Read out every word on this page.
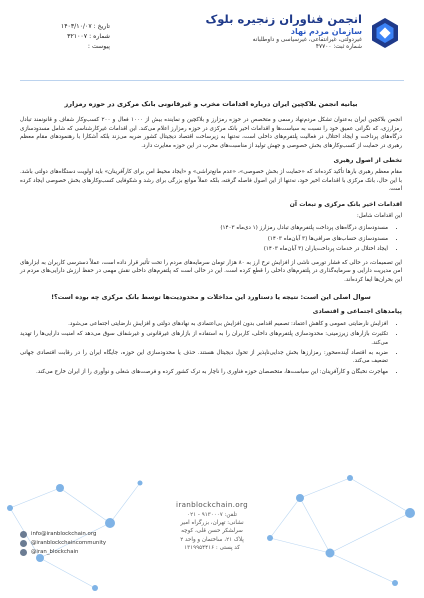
تاریخ : ۱۴۰۳/۱۰/۰۷
شماره : ۳۲۱۰۰۷
پیوست :
انجمن فناوران زنجیره بلوک
سازمان مردم نهاد
غیردولتی، غیرانتفاعی، غیرسیاسی و داوطلبانه
شماره ثبت: ۴۷۷۰۰
بیانیه انجمن بلاکچین ایران درباره اقدامات مخرب و غیرقانونی بانک مرکزی در حوزه رمزارز

انجمن بلاکچین ایران به‌عنوان تشکل مردم‌نهاد رسمی و متخصص در حوزه رمزارز و بلاکچین و نماینده بیش از ۱۰۰۰ فعال و ۲۰۰ کسب‌وکار شفاف و قانونمند تبادل رمزارزی، که نگرانی عمیق خود را نسبت به سیاست‌ها و اقدامات اخیر بانک مرکزی در حوزه رمزارز اعلام می‌کند. این اقدامات غیرکارشناسی که شامل مسدودسازی درگاه‌های پرداخت و ایجاد اختلال در فعالیت پلتفرم‌های داخلی است، نه‌تنها به زیرساخت اقتصاد دیجیتال کشور ضربه می‌زند بلکه آشکارا با رهنمودهای مقام معظم رهبری در حمایت از کسب‌وکارهای بخش خصوصی و جهش تولید از مناسبت‌های مخرب در این حوزه مغایرت دارد.

تخطی از اصول رهبری

مقام معظم رهبری بارها تأکید کرده‌اند که «حمایت از بخش خصوصی»، «عدم مانع‌تراشی» و «ایجاد محیط امن برای کارآفرینان» باید اولویت دستگاه‌های دولتی باشد. با این حال، بانک مرکزی با اقدامات اخیر خود، نه‌تنها از این اصول فاصله گرفته، بلکه عملاً موانع بزرگی برای رشد و شکوفایی کسب‌وکارهای بخش خصوصی ایجاد کرده است.

اقدامات اخیر بانک مرکزی و تبعات آن

این اقدامات شامل:

• مسدودسازی درگاه‌های پرداخت پلتفرم‌های تبادل رمزارز (۱ دی‌ماه ۱۴۰۳)
• مسدودسازی حساب‌های صرافی‌ها (۳ آبان‌ماه ۱۴۰۳)
• ایجاد اختلال در خدمات پرداخت‌یاران (۳ آبان‌ماه ۱۴۰۳)

این تصمیمات، در حالی که فشار تورمی ناشی از افزایش نرخ ارز به ۸۰ هزار تومان سرمایه‌های مردم را تحت تأثیر قرار داده است، عملاً دسترسی کاربران به ابزارهای امن مدیریت دارایی و سرمایه‌گذاری در پلتفرم‌های داخلی را قطع کرده است. این در حالی است که پلتفرم‌های داخلی نقش مهمی در حفظ ارزش دارایی‌های مردم در این بحران‌ها ایفا کرده‌اند.

سوال اصلی این است: نتیجه یا دستاورد این مداخلات و محدودیت‌ها توسط بانک مرکزی چه بوده است؟!
پیامدهای اجتماعی و اقتصادی
• افزایش نارضایتی عمومی و کاهش اعتماد: تصمیم اقدامی بدون افزایش بی‌اعتمادی به نهادهای دولتی و افزایش نارضایتی اجتماعی می‌شود.
• تکثیرت بازارهای زیرزمینی: محدودسازی پلتفرم‌های داخلی، کاربران را به استفاده از بازارهای غیرقانونی و غیرشفاف سوق می‌دهد که امنیت دارایی‌ها را تهدید می‌کند.
• ضربه به اقتصاد آینده‌محور: رمزارزها بخش جدایی‌ناپذیر از تحول دیجیتال هستند. حذف یا محدودسازی این حوزه، جایگاه ایران را در رقابت اقتصادی جهانی تضعیف می‌کند.
• مهاجرت نخبگان و کارآفرینان: این سیاست‌ها، متخصصان حوزه فناوری را ناچار به ترک کشور کرده و فرصت‌های شغلی و نوآوری را از ایران خارج می‌کند.
iranblockchain.org
تلفن: ۹۱۳۰۰۰۷ - ۰۲۱
نشانی: تهران، بزرگراه امیر
سرلشکر حسن قلی، کوچه
پلاک ۲۱، ساختمان و واحد ۲
کد پستی : ۱۳۱۹۹۵۴۴۱۶
info@iranblockchain.org
@iranblockchaincommunity
@iran_blockchain
